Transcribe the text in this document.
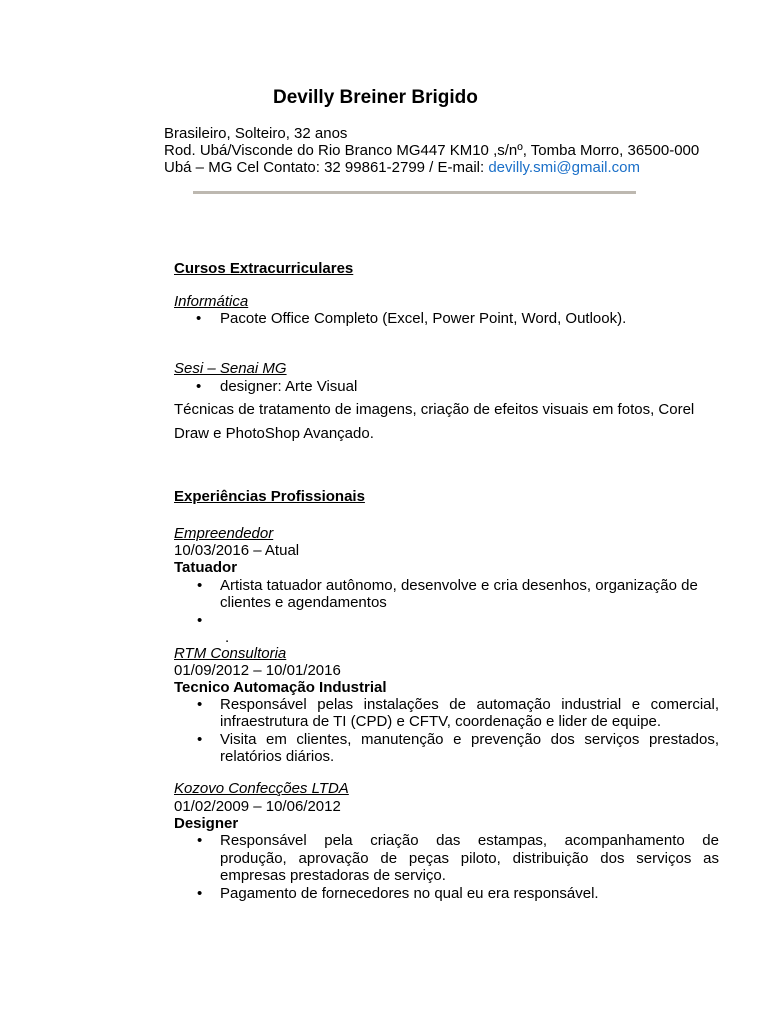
Devilly Breiner Brigido
Brasileiro, Solteiro, 32 anos
Rod. Ubá/Visconde do Rio Branco MG447 KM10 ,s/nº, Tomba Morro, 36500-000
Ubá – MG Cel Contato: 32 99861-2799 / E-mail: devilly.smi@gmail.com
Cursos Extracurriculares
Informática
• Pacote Office Completo (Excel, Power Point, Word, Outlook).
Sesi – Senai MG
• designer: Arte Visual
Técnicas de tratamento de imagens, criação de efeitos visuais em fotos, Corel
Draw e PhotoShop Avançado.
Experiências Profissionais
Empreendedor
10/03/2016 – Atual
Tatuador
• Artista tatuador autônomo, desenvolve e cria desenhos, organização de
clientes e agendamentos
•
.
RTM Consultoria
01/09/2012 – 10/01/2016
Tecnico Automação Industrial
• Responsável pelas instalações de automação industrial e comercial,
infraestrutura de TI (CPD) e CFTV, coordenação e lider de equipe.
• Visita em clientes, manutenção e prevenção dos serviços prestados,
relatórios diários.
Kozovo Confecções LTDA
01/02/2009 – 10/06/2012
Designer
• Responsável pela criação das estampas, acompanhamento de
produção, aprovação de peças piloto, distribuição dos serviços as
empresas prestadoras de serviço.
• Pagamento de fornecedores no qual eu era responsável.
